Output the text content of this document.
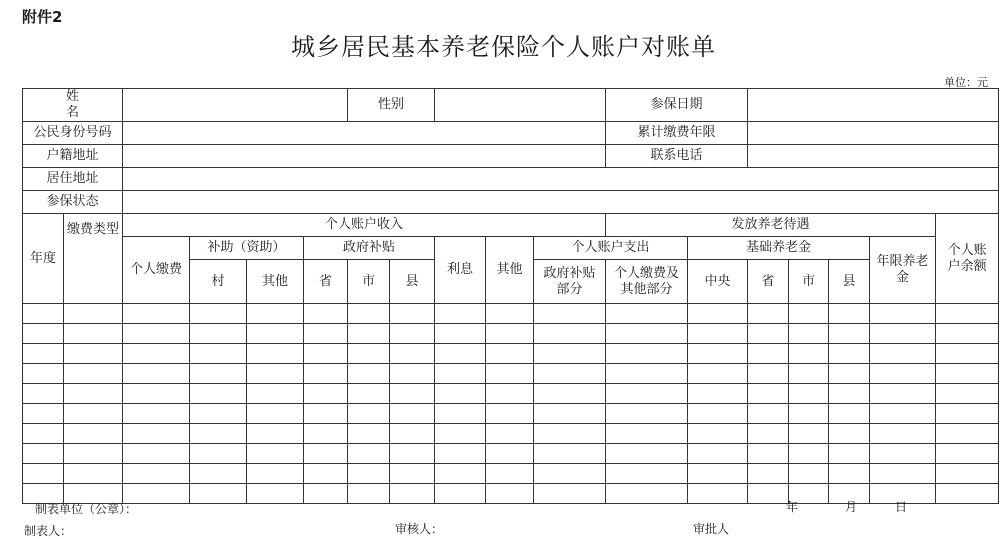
附件2
城乡居民基本养老保险个人账户对账单
单位：元
姓　名						性别					参保日期						
公民身份号码											累计缴费年限						
户籍地址											联系电话						
居住地址																	
参保状态																	
年度	缴费类型	个人账户收入									发放养老待遇						个人账户余额
		个人缴费	补助（资助）		政府补贴			利息	其他	个人账户支出		基础养老金				年限养老金	
			村	其他	省	市	县			政府补贴部分	个人缴费及其他部分	中央	省	市	县		

制表单位（公章）：	年	月	日
制表人：	审核人：	审批人
